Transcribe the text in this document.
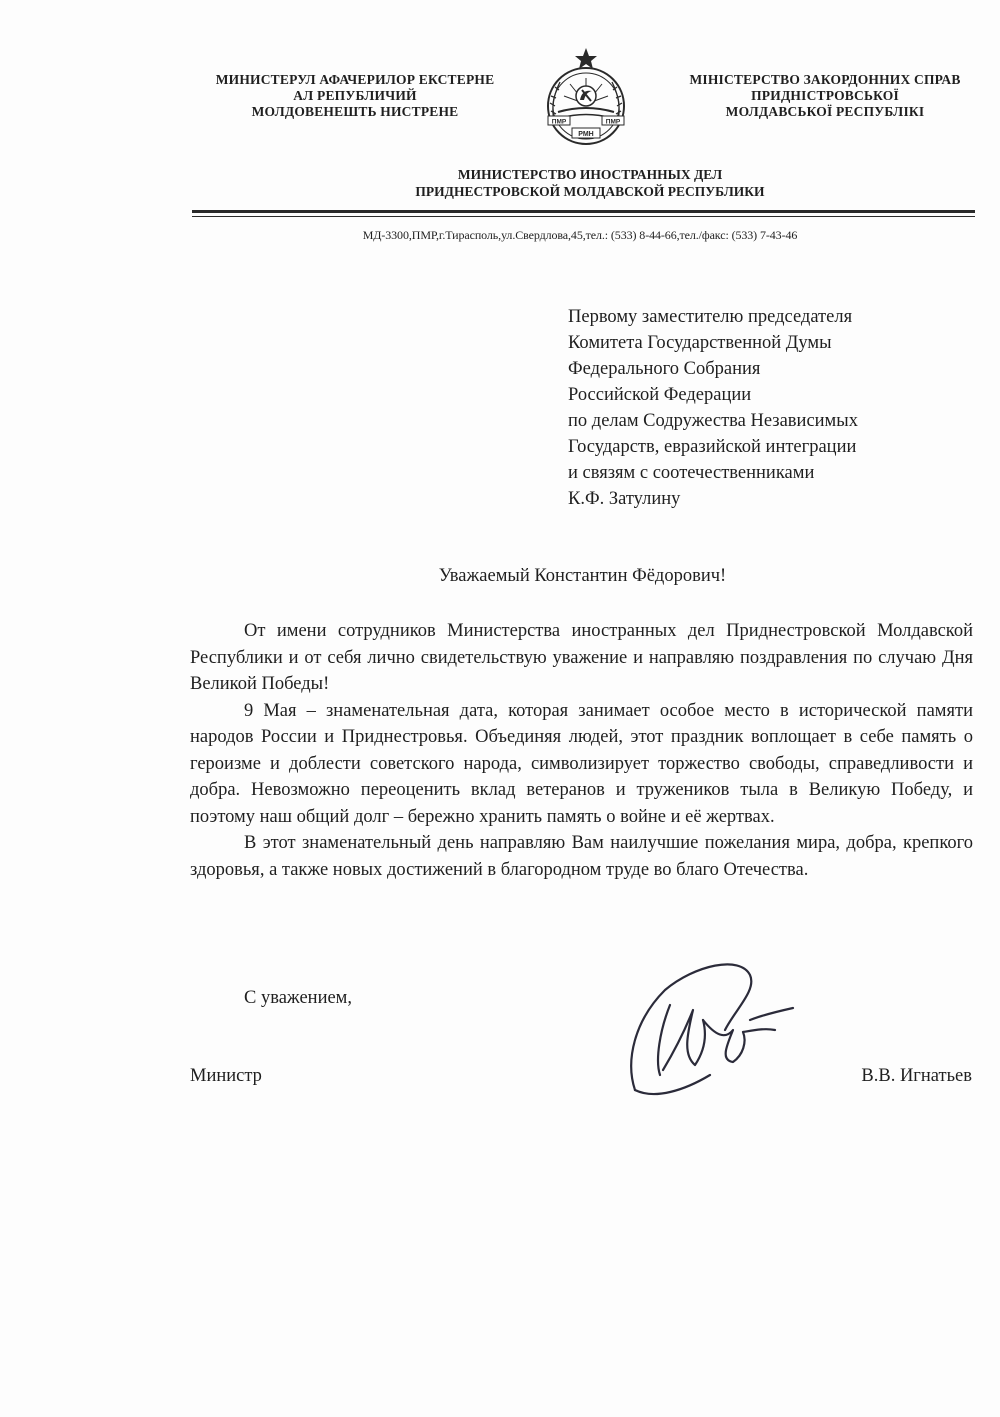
МИНИСТЕРУЛ АФАЧЕРИЛОР ЕКСТЕРНЕ
АЛ РЕПУБЛИЧИЙ
МОЛДОВЕНЕШТЬ НИСТРЕНЕ
ПМР	ПМР
РМН
МІНІСТЕРСТВО ЗАКОРДОННИХ СПРАВ
ПРИДНІСТРОВСЬКОЇ
МОЛДАВСЬКОЇ РЕСПУБЛІКІ
МИНИСТЕРСТВО ИНОСТРАННЫХ ДЕЛ
ПРИДНЕСТРОВСКОЙ МОЛДАВСКОЙ РЕСПУБЛИКИ
МД-3300,ПМР,г.Тирасполь,ул.Свердлова,45,тел.: (533) 8-44-66,тел./факс: (533) 7-43-46
Первому заместителю председателя
Комитета Государственной Думы
Федерального Собрания
Российской Федерации
по делам Содружества Независимых
Государств, евразийской интеграции
и связям с соотечественниками
К.Ф. Затулину
Уважаемый Константин Фёдорович!

От имени сотрудников Министерства иностранных дел Приднестровской Молдавской Республики и от себя лично свидетельствую уважение и направляю поздравления по случаю Дня Великой Победы!

9 Мая – знаменательная дата, которая занимает особое место в исторической памяти народов России и Приднестровья. Объединяя людей, этот праздник воплощает в себе память о героизме и доблести советского народа, символизирует торжество свободы, справедливости и добра. Невозможно переоценить вклад ветеранов и тружеников тыла в Великую Победу, и поэтому наш общий долг – бережно хранить память о войне и её жертвах.

В этот знаменательный день направляю Вам наилучшие пожелания мира, добра, крепкого здоровья, а также новых достижений в благородном труде во благо Отечества.

С уважением,
Министр	В.В. Игнатьев
